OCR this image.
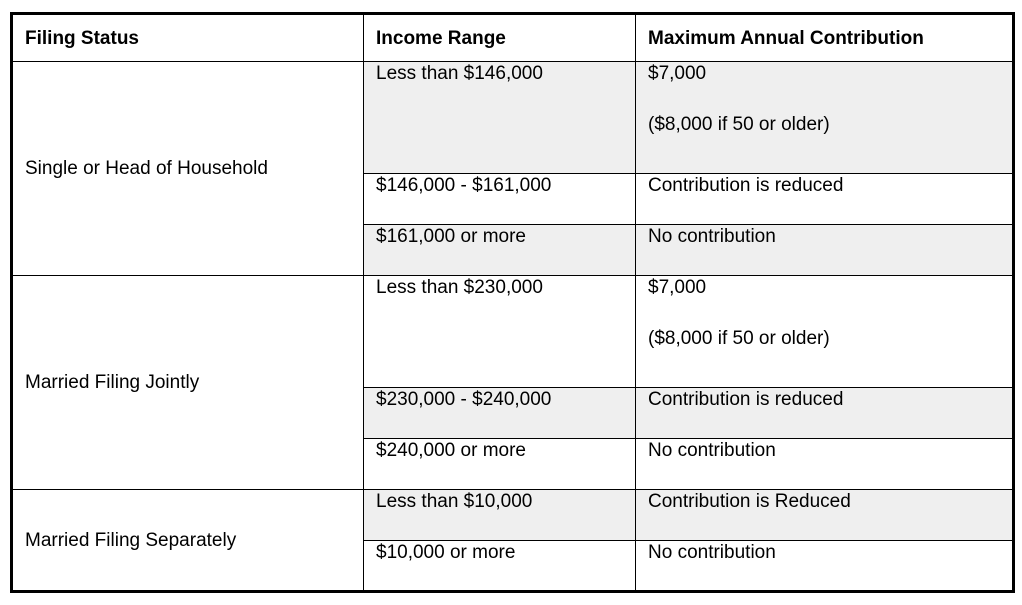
Filing Status	Income Range	Maximum Annual Contribution
Single or Head of Household	Less than $146,000	$7,000
($8,000 if 50 or older)

	$146,000 - $161,000	Contribution is reduced
	$161,000 or more	No contribution
Married Filing Jointly	Less than $230,000	$7,000
($8,000 if 50 or older)

	$230,000 - $240,000	Contribution is reduced
	$240,000 or more	No contribution
Married Filing Separately	Less than $10,000	Contribution is Reduced
	$10,000 or more	No contribution
